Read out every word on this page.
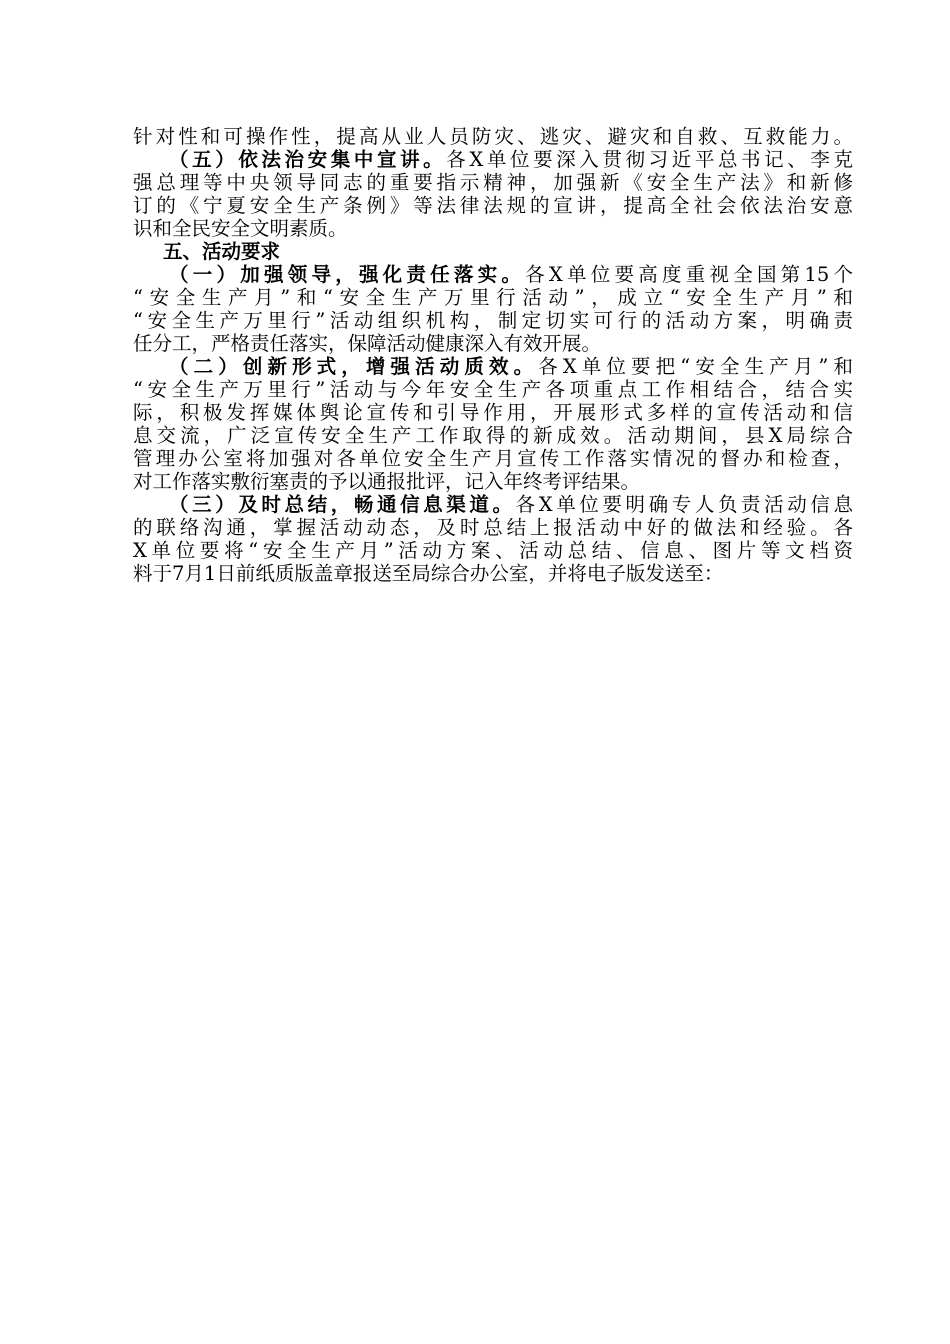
针对性和可操作性，提高从业人员防灾、逃灾、避灾和自救、互救能力。
（五）依法治安集中宣讲。各X单位要深入贯彻习近平总书记、李克
强总理等中央领导同志的重要指示精神，加强新《安全生产法》和新修
订的《宁夏安全生产条例》等法律法规的宣讲，提高全社会依法治安意
识和全民安全文明素质。
五、活动要求
（一）加强领导，强化责任落实。各X单位要高度重视全国第15个
“安全生产月”和“安全生产万里行活动”，成立“安全生产月”和
“安全生产万里行”活动组织机构，制定切实可行的活动方案，明确责
任分工，严格责任落实，保障活动健康深入有效开展。
（二）创新形式，增强活动质效。各X单位要把“安全生产月”和
“安全生产万里行”活动与今年安全生产各项重点工作相结合，结合实
际，积极发挥媒体舆论宣传和引导作用，开展形式多样的宣传活动和信
息交流，广泛宣传安全生产工作取得的新成效。活动期间，县X局综合
管理办公室将加强对各单位安全生产月宣传工作落实情况的督办和检查，
对工作落实敷衍塞责的予以通报批评，记入年终考评结果。
（三）及时总结，畅通信息渠道。各X单位要明确专人负责活动信息
的联络沟通，掌握活动动态，及时总结上报活动中好的做法和经验。各
X单位要将“安全生产月”活动方案、活动总结、信息、图片等文档资
料于7月1日前纸质版盖章报送至局综合办公室，并将电子版发送至：
